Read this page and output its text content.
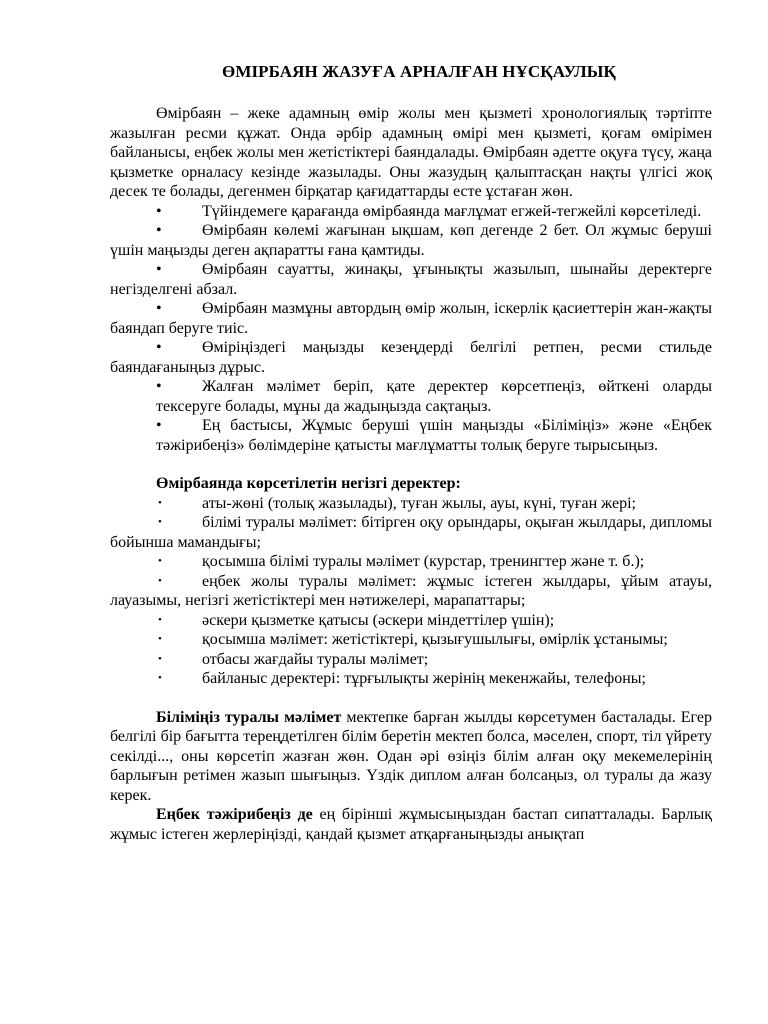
ӨМІРБАЯН ЖАЗУҒА АРНАЛҒАН НҰСҚАУЛЫҚ

Өмірбаян – жеке адамның өмір жолы мен қызметі хронологиялық тәртіпте жазылған ресми құжат. Онда әрбір адамның өмірі мен қызметі, қоғам өмірімен байланысы, еңбек жолы мен жетістіктері баяндалады. Өмірбаян әдетте оқуға түсу, жаңа қызметке орналасу кезінде жазылады. Оны жазудың қалыптасқан нақты үлгісі жоқ десек те болады, дегенмен бірқатар қағидаттарды есте ұстаған жөн.

•	Түйіндемеге қарағанда өмірбаянда мағлұмат егжей-тегжейлі көрсетіледі.
•	Өмірбаян көлемі жағынан ықшам, көп дегенде 2 бет. Ол жұмыс беруші үшін маңызды деген ақпаратты ғана қамтиды.
•	Өмірбаян сауатты, жинақы, ұғынықты жазылып, шынайы деректерге негізделгені абзал.
•	Өмірбаян мазмұны автордың өмір жолын, іскерлік қасиеттерін жан-жақты баяндап беруге тиіс.
•	Өміріңіздегі маңызды кезеңдерді белгілі ретпен, ресми стильде баяндағаныңыз дұрыс.
•	Жалған мәлімет беріп, қате деректер көрсетпеңіз, өйткені оларды тексеруге болады, мұны да жадыңызда сақтаңыз.
•	Ең бастысы, Жұмыс беруші үшін маңызды «Біліміңіз» және «Еңбек тәжірибеңіз» бөлімдеріне қатысты мағлұматты толық беруге тырысыңыз.
Өмірбаянда көрсетілетін негізгі деректер:
•	аты-жөні (толық жазылады), туған жылы, ауы, күні, туған жері;
•	білімі туралы мәлімет: бітірген оқу орындары, оқыған жылдары, дипломы бойынша мамандығы;
•	қосымша білімі туралы мәлімет (курстар, тренингтер және т. б.);
•	еңбек жолы туралы мәлімет: жұмыс істеген жылдары, ұйым атауы, лауазымы, негізгі жетістіктері мен нәтижелері, марапаттары;
•	әскери қызметке қатысы (әскери міндеттілер үшін);
•	қосымша мәлімет: жетістіктері, қызығушылығы, өмірлік ұстанымы;
•	отбасы жағдайы туралы мәлімет;
•	байланыс деректері: тұрғылықты жерінің мекенжайы, телефоны;

Біліміңіз туралы мәлімет мектепке барған жылды көрсетумен басталады. Егер белгілі бір бағытта тереңдетілген білім беретін мектеп болса, мәселен, спорт, тіл үйрету секілді..., оны көрсетіп жазған жөн. Одан әрі өзіңіз білім алған оқу мекемелерінің барлығын ретімен жазып шығыңыз. Үздік диплом алған болсаңыз, ол туралы да жазу керек.

Еңбек тәжірибеңіз де ең бірінші жұмысыңыздан бастап сипатталады. Барлық жұмыс істеген жерлеріңізді, қандай қызмет атқарғаныңызды анықтап
